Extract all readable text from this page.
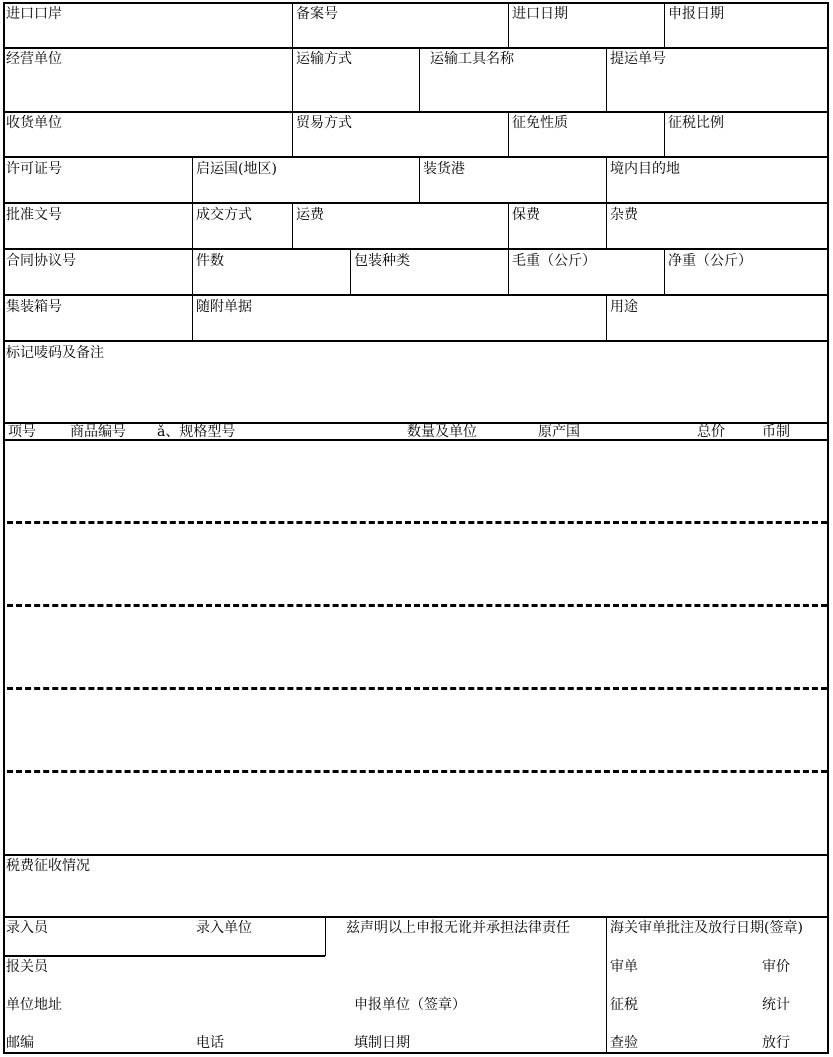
进口口岸	备案号	进口日期	申报日期
经营单位	运输方式	运输工具名称	提运单号
收货单位	贸易方式	征免性质	征税比例
许可证号	启运国(地区)	装货港	境内目的地
批准文号	成交方式	运费	保费	杂费
合同协议号	件数	包装种类	毛重（公斤）	净重（公斤）
集装箱号	随附单据	用途
标记唛码及备注
项号 商品编号 ǎ、规格型号	数量及单位	原产国	总价	币制
税费征收情况
录入员	录入单位	兹声明以上申报无讹并承担法律责任	海关审单批注及放行日期(签章)
报关员	审单	审价
单位地址	申报单位（签章）	征税	统计
邮编	电话	填制日期	查验	放行
